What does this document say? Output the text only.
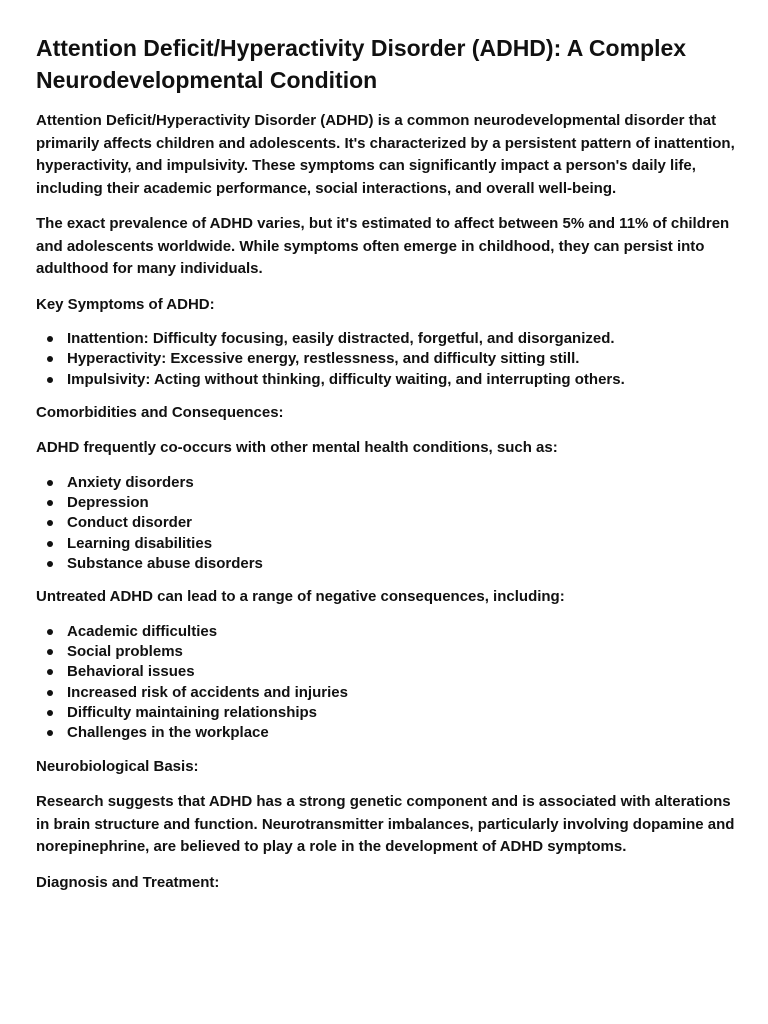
Attention Deficit/Hyperactivity Disorder (ADHD): A Complex Neurodevelopmental Condition

Attention Deficit/Hyperactivity Disorder (ADHD) is a common neurodevelopmental disorder that primarily affects children and adolescents. It's characterized by a persistent pattern of inattention, hyperactivity, and impulsivity. These symptoms can significantly impact a person's daily life, including their academic performance, social interactions, and overall well-being.

The exact prevalence of ADHD varies, but it's estimated to affect between 5% and 11% of children and adolescents worldwide. While symptoms often emerge in childhood, they can persist into adulthood for many individuals.

Key Symptoms of ADHD:

Inattention: Difficulty focusing, easily distracted, forgetful, and disorganized.
Hyperactivity: Excessive energy, restlessness, and difficulty sitting still.
Impulsivity: Acting without thinking, difficulty waiting, and interrupting others.

Comorbidities and Consequences:

ADHD frequently co-occurs with other mental health conditions, such as:

Anxiety disorders
Depression
Conduct disorder
Learning disabilities
Substance abuse disorders

Untreated ADHD can lead to a range of negative consequences, including:

Academic difficulties
Social problems
Behavioral issues
Increased risk of accidents and injuries
Difficulty maintaining relationships
Challenges in the workplace

Neurobiological Basis:

Research suggests that ADHD has a strong genetic component and is associated with alterations in brain structure and function. Neurotransmitter imbalances, particularly involving dopamine and norepinephrine, are believed to play a role in the development of ADHD symptoms.

Diagnosis and Treatment:
